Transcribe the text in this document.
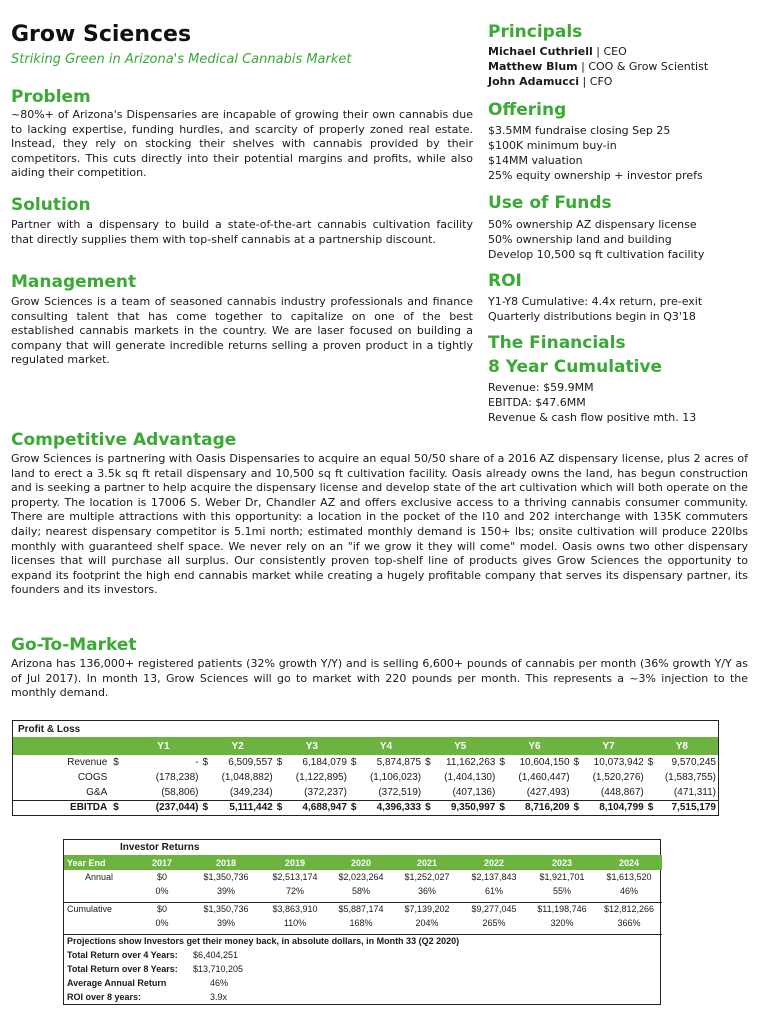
Grow Sciences
Striking Green in Arizona's Medical Cannabis Market
Problem
~80%+ of Arizona's Dispensaries are incapable of growing their own cannabis due to lacking expertise, funding hurdles, and scarcity of properly zoned real estate. Instead, they rely on stocking their shelves with cannabis provided by their competitors. This cuts directly into their potential margins and profits, while also aiding their competition.
Solution
Partner with a dispensary to build a state-of-the-art cannabis cultivation facility that directly supplies them with top-shelf cannabis at a partnership discount.
Management
Grow Sciences is a team of seasoned cannabis industry professionals and finance consulting talent that has come together to capitalize on one of the best established cannabis markets in the country. We are laser focused on building a company that will generate incredible returns selling a proven product in a tightly regulated market.
Principals
Michael Cuthriell | CEO
Matthew Blum | COO & Grow Scientist
John Adamucci | CFO
Offering
$3.5MM fundraise closing Sep 25
$100K minimum buy-in
$14MM valuation
25% equity ownership + investor prefs
Use of Funds
50% ownership AZ dispensary license
50% ownership land and building
Develop 10,500 sq ft cultivation facility
ROI
Y1-Y8 Cumulative: 4.4x return, pre-exit
Quarterly distributions begin in Q3'18
The Financials
8 Year Cumulative
Revenue: $59.9MM
EBITDA: $47.6MM
Revenue & cash flow positive mth. 13
Competitive Advantage
Grow Sciences is partnering with Oasis Dispensaries to acquire an equal 50/50 share of a 2016 AZ dispensary license, plus 2 acres of land to erect a 3.5k sq ft retail dispensary and 10,500 sq ft cultivation facility. Oasis already owns the land, has begun construction and is seeking a partner to help acquire the dispensary license and develop state of the art cultivation which will both operate on the property. The location is 17006 S. Weber Dr, Chandler AZ and offers exclusive access to a thriving cannabis consumer community. There are multiple attractions with this opportunity: a location in the pocket of the I10 and 202 interchange with 135K commuters daily; nearest dispensary competitor is 5.1mi north; estimated monthly demand is 150+ lbs; onsite cultivation will produce 220lbs monthly with guaranteed shelf space. We never rely on an "if we grow it they will come" model. Oasis owns two other dispensary licenses that will purchase all surplus. Our consistently proven top-shelf line of products gives Grow Sciences the opportunity to expand its footprint the high end cannabis market while creating a hugely profitable company that serves its dispensary partner, its founders and its investors.
Go-To-Market
Arizona has 136,000+ registered patients (32% growth Y/Y) and is selling 6,600+ pounds of cannabis per month (36% growth Y/Y as of Jul 2017). In month 13, Grow Sciences will go to market with 220 pounds per month. This represents a ~3% injection to the monthly demand.
Profit & Loss									
		Y1	Y2	Y3	Y4	Y5	Y6	Y7	Y8
Revenue	$	-	$ 6,509,557	$ 6,184,079	$ 5,874,875	$ 11,162,263	$ 10,604,150	$ 10,073,942	$ 9,570,245
COGS		(178,238)	(1,048,882)	(1,122,895)	(1,106,023)	(1,404,130)	(1,460,447)	(1,520,276)	(1,583,755)
G&A		(58,806)	(349,234)	(372,237)	(372,519)	(407,136)	(427,493)	(448,867)	(471,311)
EBITDA	$	(237,044)	$ 5,111,442	$ 4,688,947	$ 4,396,333	$ 9,350,997	$ 8,716,209	$ 8,104,799	$ 7,515,179
Investor Returns								
Year End	2017	2018	2019	2020	2021	2022	2023	2024
Annual	$0	$1,350,736	$2,513,174	$2,023,264	$1,252,027	$2,137,843	$1,921,701	$1,613,520
	0%	39%	72%	58%	36%	61%	55%	46%

Cumulative	$0	$1,350,736	$3,863,910	$5,887,174	$7,139,202	$9,277,045	$11,198,746	$12,812,266
	0%	39%	110%	168%	204%	265%	320%	366%

Projections show Investors get their money back, in absolute dollars, in Month 33 (Q2 2020)								
Total Return over 4 Years:		$6,404,251						
Total Return over 8 Years:		$13,710,205						
Average Annual Return		46%						
ROI over 8 years:		3.9x						
